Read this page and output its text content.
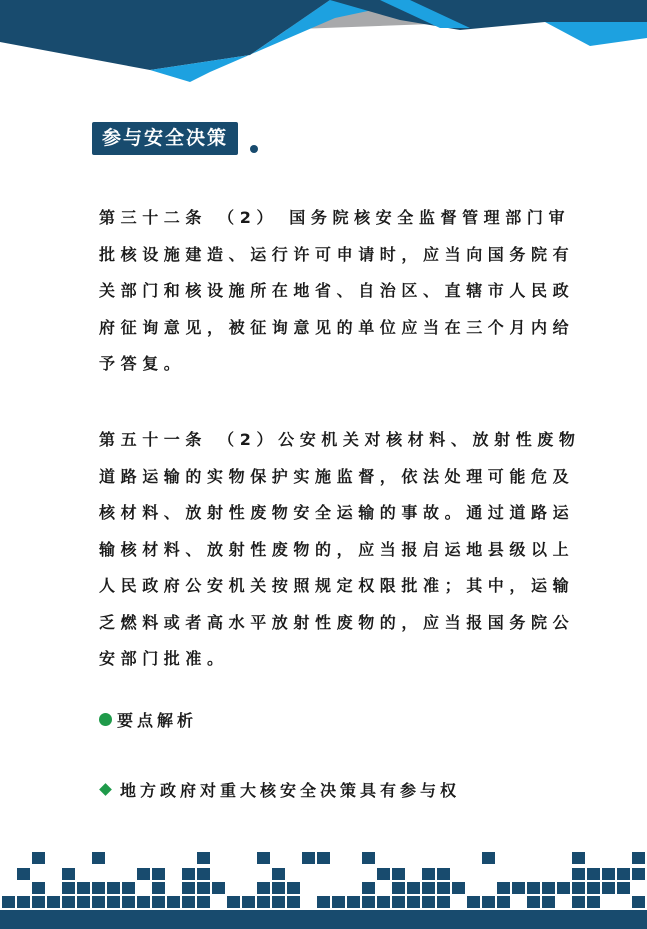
参与安全决策

第三十二条 （2） 国务院核安全监督管理部门审

批核设施建造、运行许可申请时，应当向国务院有

关部门和核设施所在地省、自治区、直辖市人民政

府征询意见，被征询意见的单位应当在三个月内给

予答复。

第五十一条 （2）公安机关对核材料、放射性废物

道路运输的实物保护实施监督，依法处理可能危及

核材料、放射性废物安全运输的事故。通过道路运

输核材料、放射性废物的，应当报启运地县级以上

人民政府公安机关按照规定权限批准；其中，运输

乏燃料或者高水平放射性废物的，应当报国务院公

安部门批准。

要点解析
地方政府对重大核安全决策具有参与权
